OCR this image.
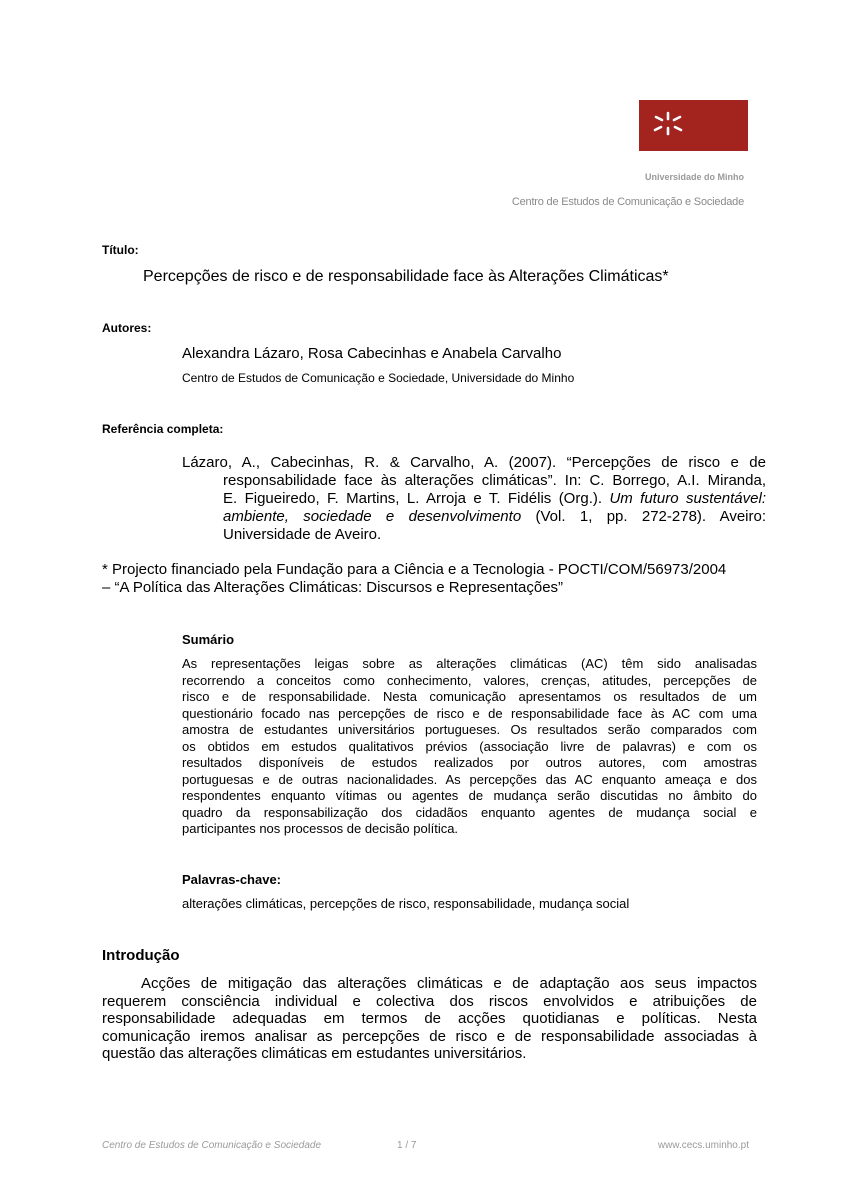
Universidade do Minho
Centro de Estudos de Comunicação e Sociedade
Título:
Percepções de risco e de responsabilidade face às Alterações Climáticas*
Autores:
Alexandra Lázaro, Rosa Cabecinhas e Anabela Carvalho
Centro de Estudos de Comunicação e Sociedade, Universidade do Minho
Referência completa:
Lázaro, A., Cabecinhas, R. & Carvalho, A. (2007). “Percepções de risco e de
responsabilidade face às alterações climáticas”. In: C. Borrego, A.I. Miranda,
E. Figueiredo, F. Martins, L. Arroja e T. Fidélis (Org.). Um futuro sustentável:
ambiente, sociedade e desenvolvimento (Vol. 1, pp. 272-278). Aveiro:
Universidade de Aveiro.
* Projecto financiado pela Fundação para a Ciência e a Tecnologia - POCTI/COM/56973/2004
– “A Política das Alterações Climáticas: Discursos e Representações”
Sumário
As representações leigas sobre as alterações climáticas (AC) têm sido analisadas
recorrendo a conceitos como conhecimento, valores, crenças, atitudes, percepções de
risco e de responsabilidade. Nesta comunicação apresentamos os resultados de um
questionário focado nas percepções de risco e de responsabilidade face às AC com uma
amostra de estudantes universitários portugueses. Os resultados serão comparados com
os obtidos em estudos qualitativos prévios (associação livre de palavras) e com os
resultados disponíveis de estudos realizados por outros autores, com amostras
portuguesas e de outras nacionalidades. As percepções das AC enquanto ameaça e dos
respondentes enquanto vítimas ou agentes de mudança serão discutidas no âmbito do
quadro da responsabilização dos cidadãos enquanto agentes de mudança social e
participantes nos processos de decisão política.
Palavras-chave:
alterações climáticas, percepções de risco, responsabilidade, mudança social
Introdução
Acções de mitigação das alterações climáticas e de adaptação aos seus impactos
requerem consciência individual e colectiva dos riscos envolvidos e atribuições de
responsabilidade adequadas em termos de acções quotidianas e políticas. Nesta
comunicação iremos analisar as percepções de risco e de responsabilidade associadas à
questão das alterações climáticas em estudantes universitários.
Centro de Estudos de Comunicação e Sociedade	1 / 7	www.cecs.uminho.pt
